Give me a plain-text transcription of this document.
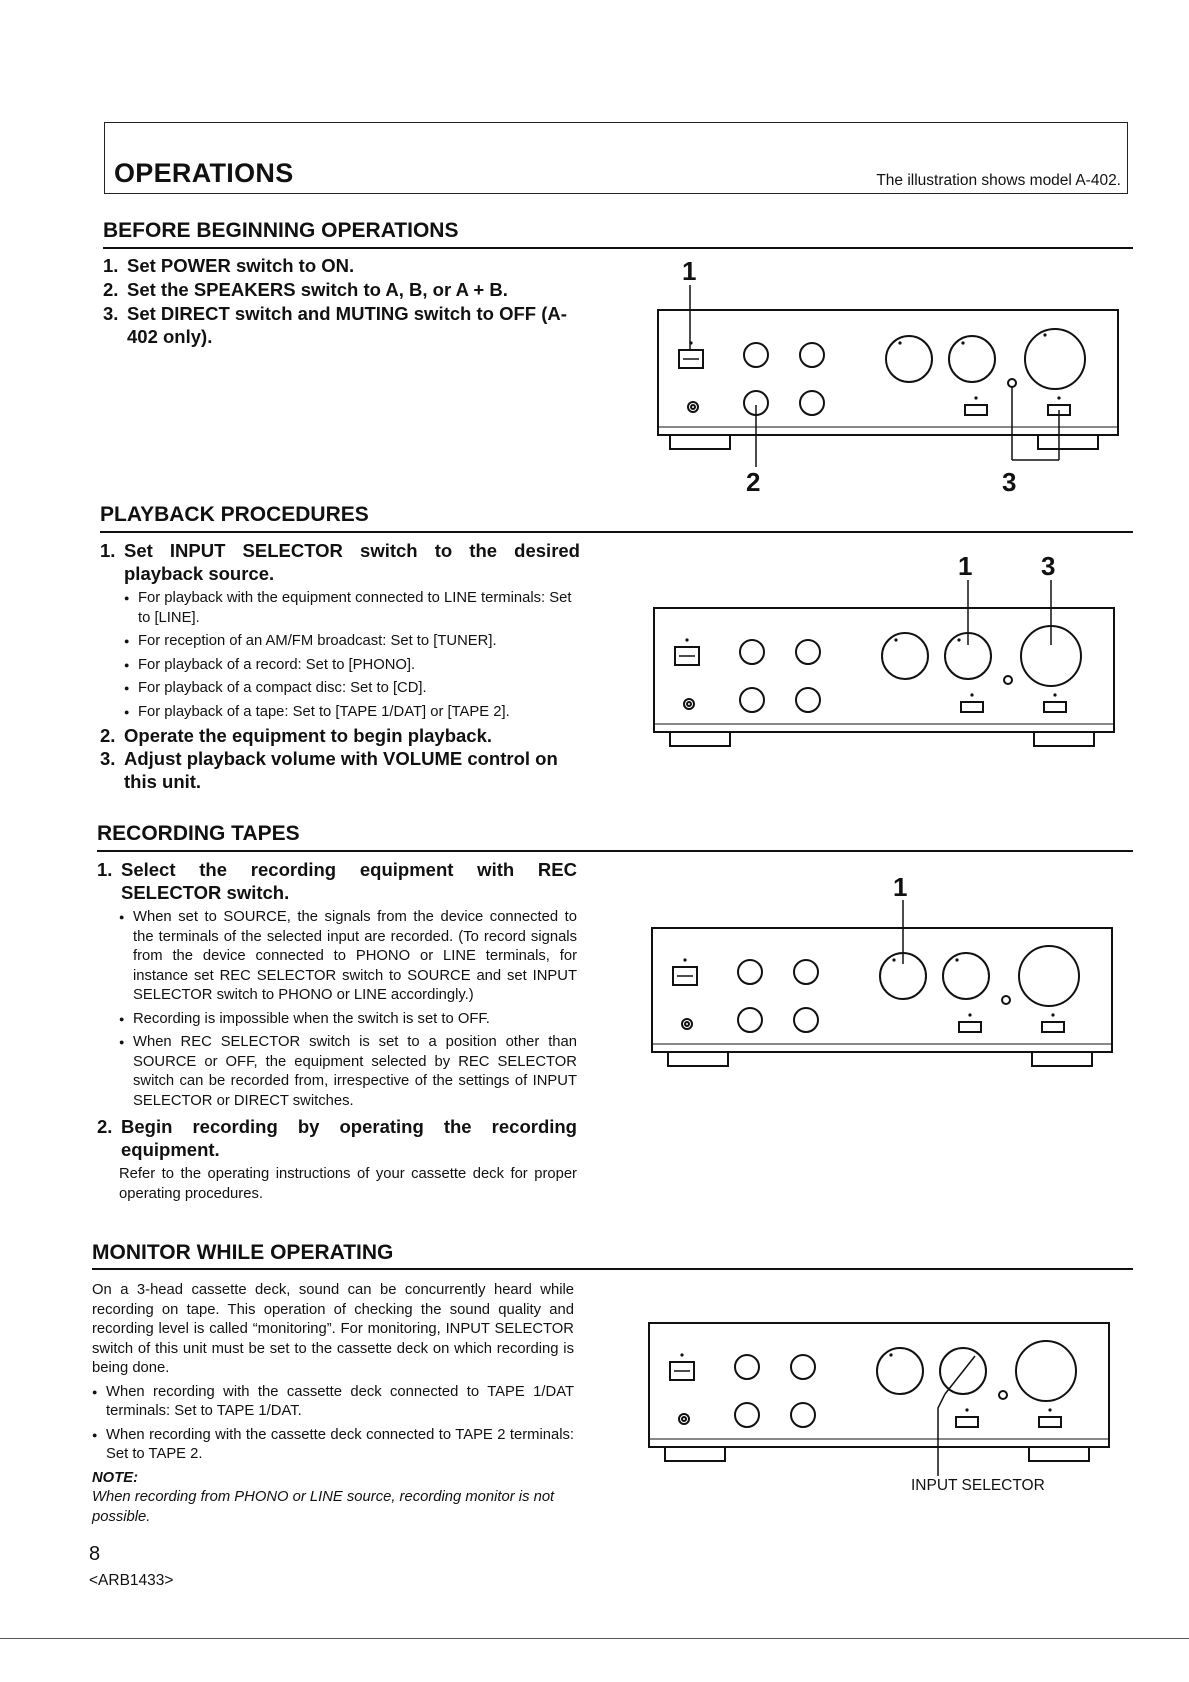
OPERATIONS	The illustration shows model A-402.
BEFORE BEGINNING OPERATIONS
1. Set POWER switch to ON.
2. Set the SPEAKERS switch to A, B, or A + B.
3. Set DIRECT switch and MUTING switch to OFF (A-402 only).
1
2	3
PLAYBACK PROCEDURES
1. Set INPUT SELECTOR switch to the desired playback source.
● For playback with the equipment connected to LINE terminals: Set to [LINE].
● For reception of an AM/FM broadcast: Set to [TUNER].
● For playback of a record: Set to [PHONO].
● For playback of a compact disc: Set to [CD].
● For playback of a tape: Set to [TAPE 1/DAT] or [TAPE 2].
2. Operate the equipment to begin playback.
3. Adjust playback volume with VOLUME control on this unit.
1	3
RECORDING TAPES
1. Select the recording equipment with REC SELECTOR switch.
● When set to SOURCE, the signals from the device connected to the terminals of the selected input are recorded. (To record signals from the device connected to PHONO or LINE terminals, for instance set REC SELECTOR switch to SOURCE and set INPUT SELECTOR switch to PHONO or LINE accordingly.)
● Recording is impossible when the switch is set to OFF.
● When REC SELECTOR switch is set to a position other than SOURCE or OFF, the equipment selected by REC SELECTOR switch can be recorded from, irrespective of the settings of INPUT SELECTOR or DIRECT switches.
2. Begin recording by operating the recording equipment.
Refer to the operating instructions of your cassette deck for proper operating procedures.
1
MONITOR WHILE OPERATING
On a 3-head cassette deck, sound can be concurrently heard while recording on tape. This operation of checking the sound quality and recording level is called “monitoring”. For monitoring, INPUT SELECTOR switch of this unit must be set to the cassette deck on which recording is being done.
● When recording with the cassette deck connected to TAPE 1/DAT terminals: Set to TAPE 1/DAT.
● When recording with the cassette deck connected to TAPE 2 terminals: Set to TAPE 2.
NOTE:
When recording from PHONO or LINE source, recording monitor is not possible.
INPUT SELECTOR
8
<ARB1433>
